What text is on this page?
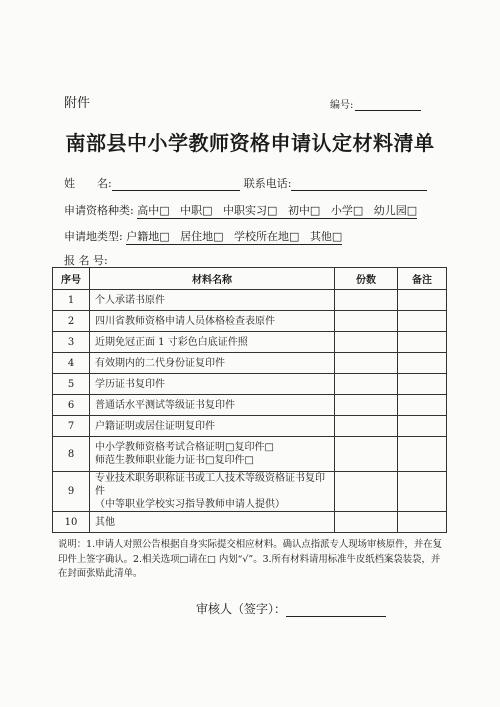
附件	编号:
南部县中小学教师资格申请认定材料清单
姓　　名:	联系电话:
申请资格种类: 高中□ 中职□ 中职实习□ 初中□ 小学□ 幼儿园□
申请地类型: 户籍地□ 居住地□ 学校所在地□ 其他□
报 名 号:
序号	材料名称	份数	备注
1	个人承诺书原件		

2	四川省教师资格申请人员体格检查表原件		

3	近期免冠正面 1 寸彩色白底证件照		

4	有效期内的二代身份证复印件		

5	学历证书复印件		

6	普通话水平测试等级证书复印件		

7	户籍证明或居住证明复印件		

8	中小学教师资格考试合格证明□复印件□
师范生教师职业能力证书□复印件□		

9	专业技术职务职称证书或工人技术等级资格证书复印件
（中等职业学校实习指导教师申请人提供）		

10	其他		

说明：1.申请人对照公告根据自身实际提交相应材料。确认点指派专人现场审核原件，并在复印件上签字确认。2.相关选项□请在□ 内划“√”。3.所有材料请用标准牛皮纸档案袋装袋，并在封面张贴此清单。
审核人（签字）：
